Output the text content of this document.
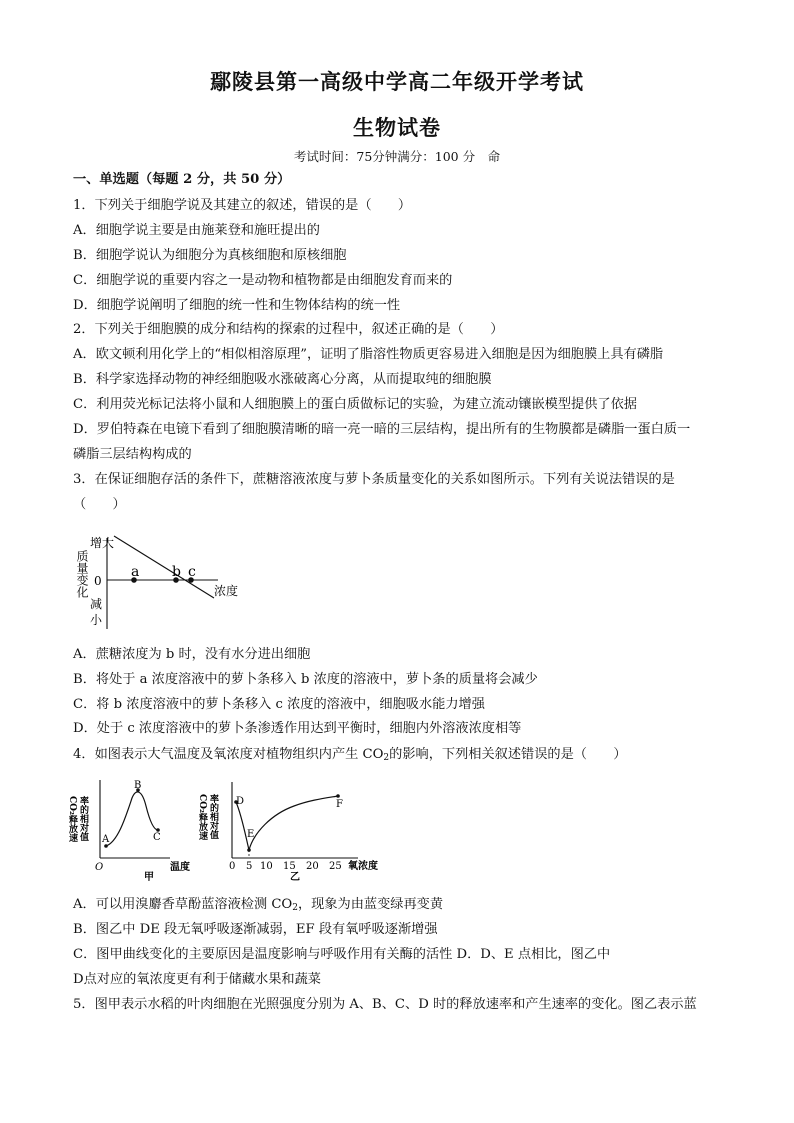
鄢陵县第一高级中学高二年级开学考试
生物试卷
考试时间：75分钟满分：100 分　命
一、单选题（每题 2 分，共 50 分）
1．下列关于细胞学说及其建立的叙述，错误的是（　　）
A．细胞学说主要是由施莱登和施旺提出的
B．细胞学说认为细胞分为真核细胞和原核细胞
C．细胞学说的重要内容之一是动物和植物都是由细胞发育而来的
D．细胞学说阐明了细胞的统一性和生物体结构的统一性
2．下列关于细胞膜的成分和结构的探索的过程中，叙述正确的是（　　）
A．欧文顿利用化学上的“相似相溶原理”，证明了脂溶性物质更容易进入细胞是因为细胞膜上具有磷脂
B．科学家选择动物的神经细胞吸水涨破离心分离，从而提取纯的细胞膜
C．利用荧光标记法将小鼠和人细胞膜上的蛋白质做标记的实验，为建立流动镶嵌模型提供了依据
D．罗伯特森在电镜下看到了细胞膜清晰的暗一亮一暗的三层结构，提出所有的生物膜都是磷脂一蛋白质一
磷脂三层结构构成的
3．在保证细胞存活的条件下，蔗糖溶液浓度与萝卜条质量变化的关系如图所示。下列有关说法错误的是
（　　）
增大
0
减
小
质量变化	a b c
浓度
A．蔗糖浓度为 b 时，没有水分进出细胞
B．将处于 a 浓度溶液中的萝卜条移入 b 浓度的溶液中，萝卜条的质量将会减少
C．将 b 浓度溶液中的萝卜条移入 c 浓度的溶液中，细胞吸水能力增强
D．处于 c 浓度溶液中的萝卜条渗透作用达到平衡时，细胞内外溶液浓度相等
4．如图表示大气温度及氧浓度对植物组织内产生 $CO_2$的影响，下列相关叙述错误的是（　　）
CO₂释放速 率的相对值 A
B
C
O	温度
甲
CO₂释放速 率的相对值 D
E
F
0 5 10 15 20 25 氧浓度
乙
A．可以用溴麝香草酚蓝溶液检测 $CO_2$，现象为由蓝变绿再变黄
B．图乙中 DE 段无氧呼吸逐渐减弱，EF 段有氧呼吸逐渐增强
C．图甲曲线变化的主要原因是温度影响与呼吸作用有关酶的活性 D．D、E 点相比，图乙中
D点对应的氧浓度更有利于储藏水果和蔬菜
5．图甲表示水稻的叶肉细胞在光照强度分别为 A、B、C、D 时的释放速率和产生速率的变化。图乙表示蓝
